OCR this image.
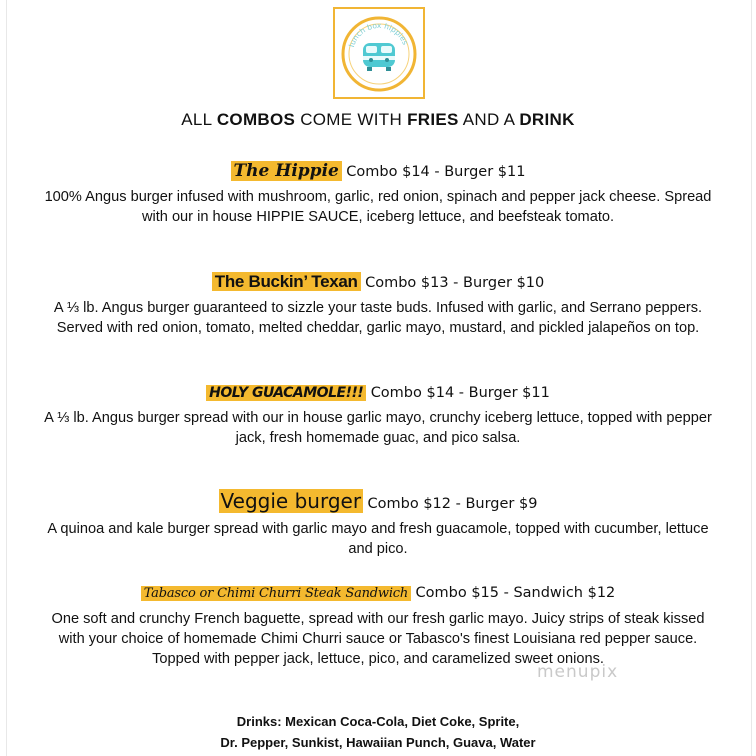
lunch box hippies
ALL COMBOS COME WITH FRIES AND A DRINK
The Hippie Combo $14 - Burger $11
100% Angus burger infused with mushroom, garlic, red onion, spinach and pepper jack cheese. Spread with our in house HIPPIE SAUCE, iceberg lettuce, and beefsteak tomato.
The Buckin’ Texan Combo $13 - Burger $10
A ⅓ lb. Angus burger guaranteed to sizzle your taste buds. Infused with garlic, and Serrano peppers. Served with red onion, tomato, melted cheddar, garlic mayo, mustard, and pickled jalapeños on top.
HOLY GUACAMOLE!!! Combo $14 - Burger $11
A ⅓ lb. Angus burger spread with our in house garlic mayo, crunchy iceberg lettuce, topped with pepper jack, fresh homemade guac, and pico salsa.
Veggie burger Combo $12 - Burger $9
A quinoa and kale burger spread with garlic mayo and fresh guacamole, topped with cucumber, lettuce and pico.
Tabasco or Chimi Churri Steak Sandwich Combo $15 - Sandwich $12
One soft and crunchy French baguette, spread with our fresh garlic mayo. Juicy strips of steak kissed with your choice of homemade Chimi Churri sauce or Tabasco's finest Louisiana red pepper sauce. Topped with pepper jack, lettuce, pico, and caramelized sweet onions.
menupix
Drinks: Mexican Coca-Cola, Diet Coke, Sprite,
Dr. Pepper, Sunkist, Hawaiian Punch, Guava, Water
